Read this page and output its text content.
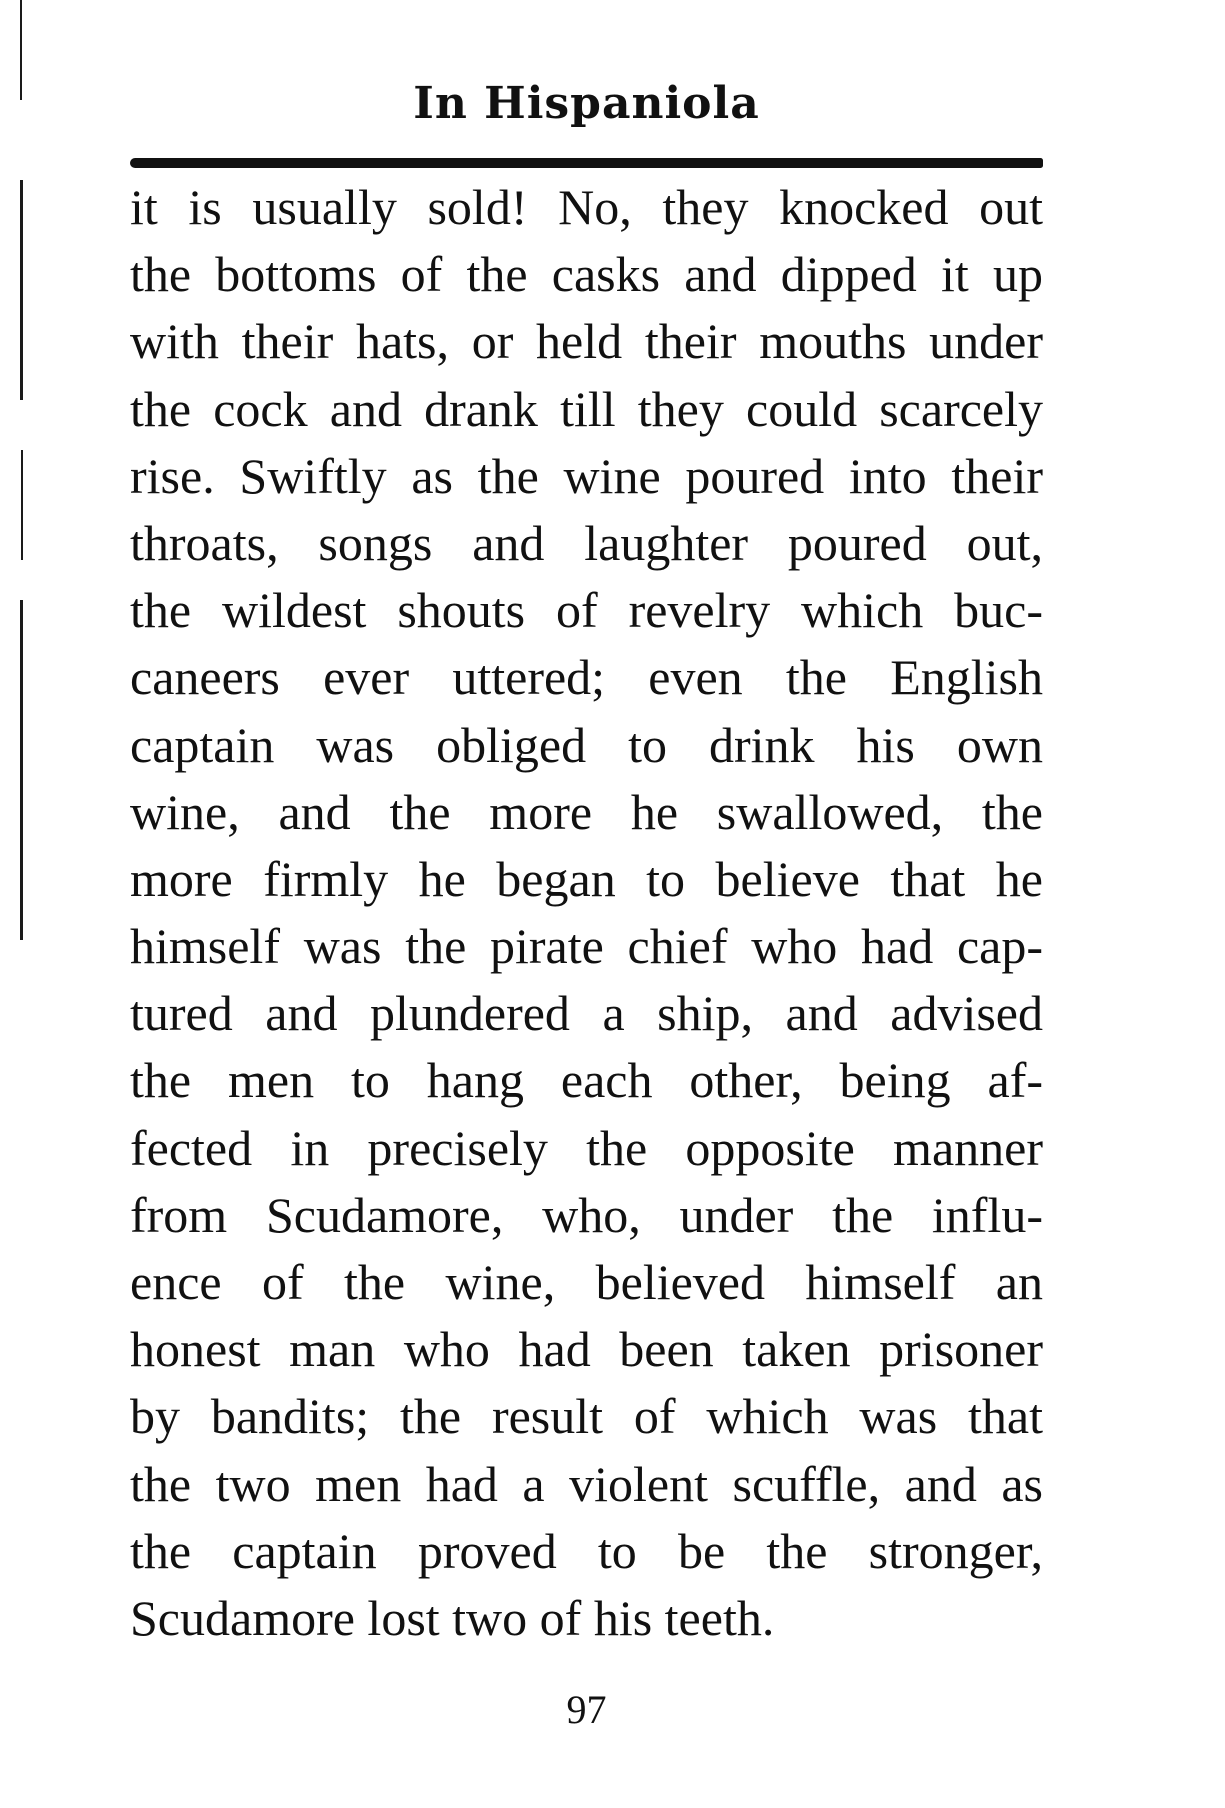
In Hispaniola
it is usually sold! No, they knocked out
the bottoms of the casks and dipped it up
with their hats, or held their mouths under
the cock and drank till they could scarcely
rise. Swiftly as the wine poured into their
throats, songs and laughter poured out,
the wildest shouts of revelry which buc-
caneers ever uttered; even the English
captain was obliged to drink his own
wine, and the more he swallowed, the
more firmly he began to believe that he
himself was the pirate chief who had cap-
tured and plundered a ship, and advised
the men to hang each other, being af-
fected in precisely the opposite manner
from Scudamore, who, under the influ-
ence of the wine, believed himself an
honest man who had been taken prisoner
by bandits; the result of which was that
the two men had a violent scuffle, and as
the captain proved to be the stronger,
Scudamore lost two of his teeth.
97
